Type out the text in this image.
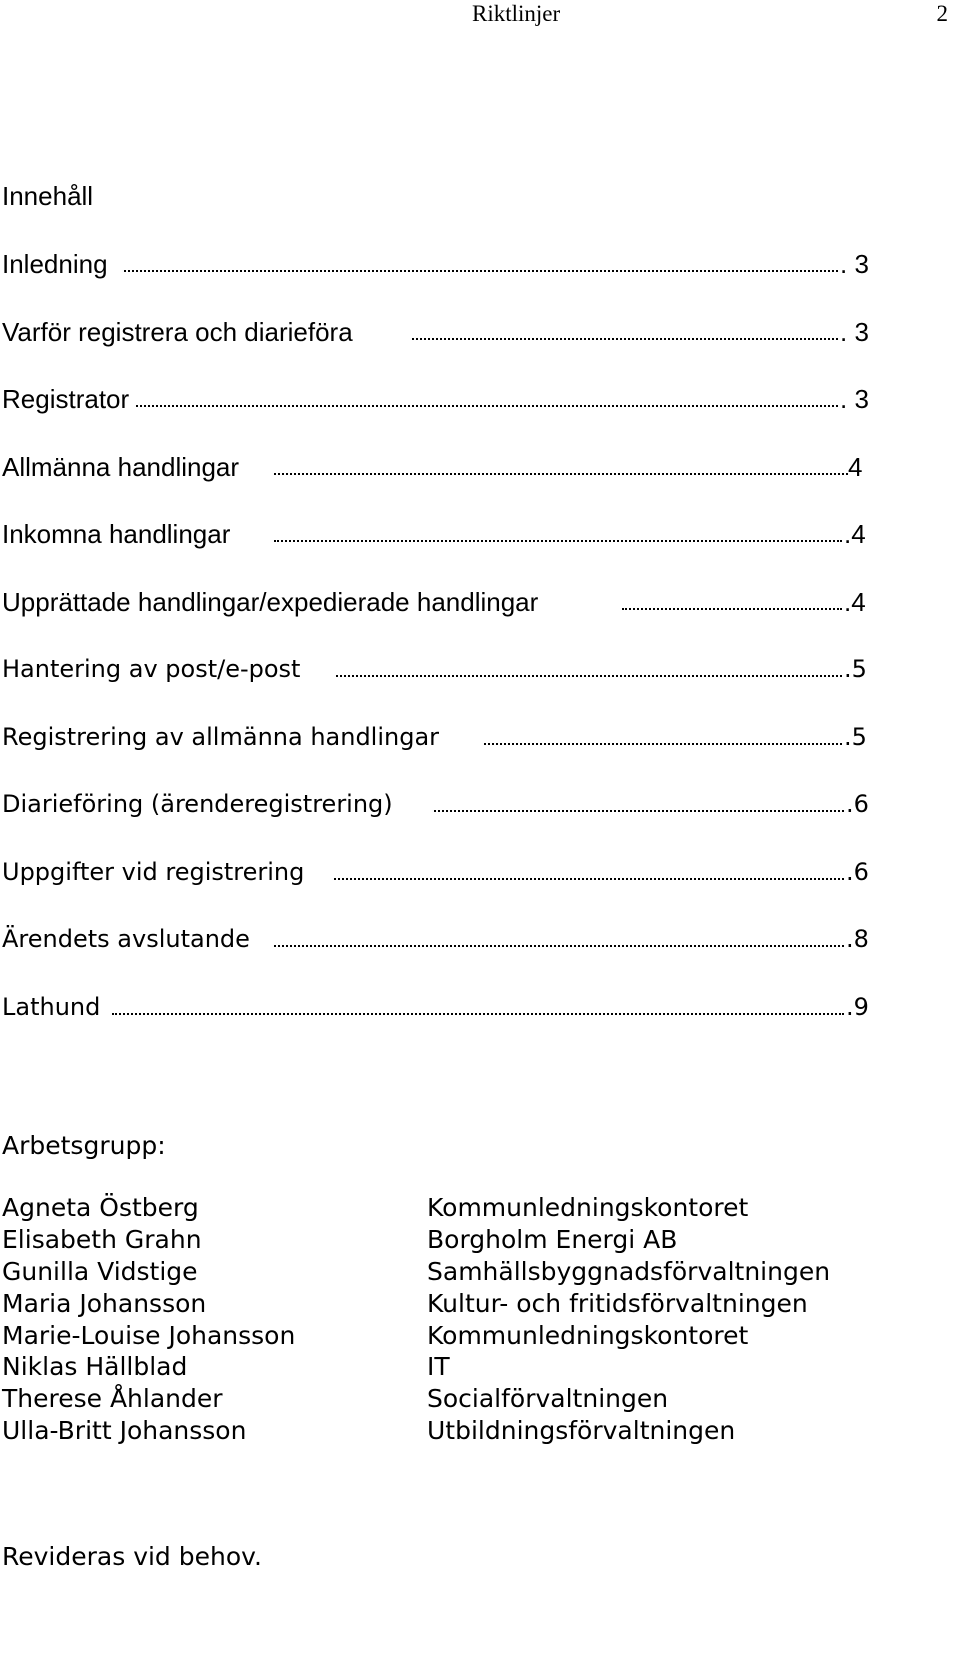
Riktlinjer	2
Innehåll
Inledning	. 3
Varför registrera och diarieföra	. 3
Registrator	. 3
Allmänna handlingar	4
Inkomna handlingar	.4
Upprättade handlingar/expedierade handlingar	.4
Hantering av post/e-post	.5
Registrering av allmänna handlingar	.5
Diarieföring (ärenderegistrering)	.6
Uppgifter vid registrering	.6
Ärendets avslutande	.8
Lathund	.9
Arbetsgrupp:
Agneta Östberg	Kommunledningskontoret
Elisabeth Grahn	Borgholm Energi AB
Gunilla Vidstige	Samhällsbyggnadsförvaltningen
Maria Johansson	Kultur- och fritidsförvaltningen
Marie-Louise Johansson	Kommunledningskontoret
Niklas Hällblad	IT
Therese Åhlander	Socialförvaltningen
Ulla-Britt Johansson	Utbildningsförvaltningen
Revideras vid behov.
